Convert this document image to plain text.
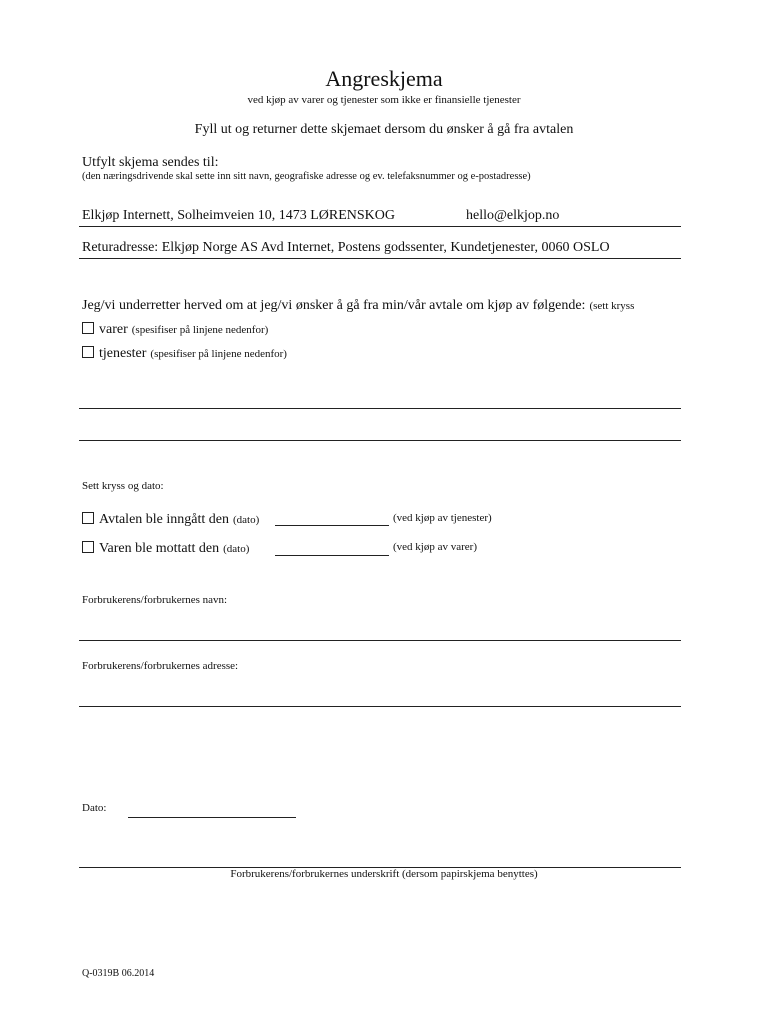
Angreskjema
ved kjøp av varer og tjenester som ikke er finansielle tjenester
Fyll ut og returner dette skjemaet dersom du ønsker å gå fra avtalen
Utfylt skjema sendes til:
(den næringsdrivende skal sette inn sitt navn, geografiske adresse og ev. telefaksnummer og e-postadresse)
Elkjøp Internett, Solheimveien 10, 1473 LØRENSKOG	hello@elkjop.no
Returadresse: Elkjøp Norge AS Avd Internet, Postens godssenter, Kundetjenester, 0060 OSLO
Jeg/vi underretter herved om at jeg/vi ønsker å gå fra min/vår avtale om kjøp av følgende: (sett kryss
varer (spesifiser på linjene nedenfor)
tjenester (spesifiser på linjene nedenfor)
Sett kryss og dato:
Avtalen ble inngått den (dato)	(ved kjøp av tjenester)
Varen ble mottatt den (dato)	(ved kjøp av varer)
Forbrukerens/forbrukernes navn:
Forbrukerens/forbrukernes adresse:
Dato:
Forbrukerens/forbrukernes underskrift (dersom papirskjema benyttes)
Q-0319B 06.2014
